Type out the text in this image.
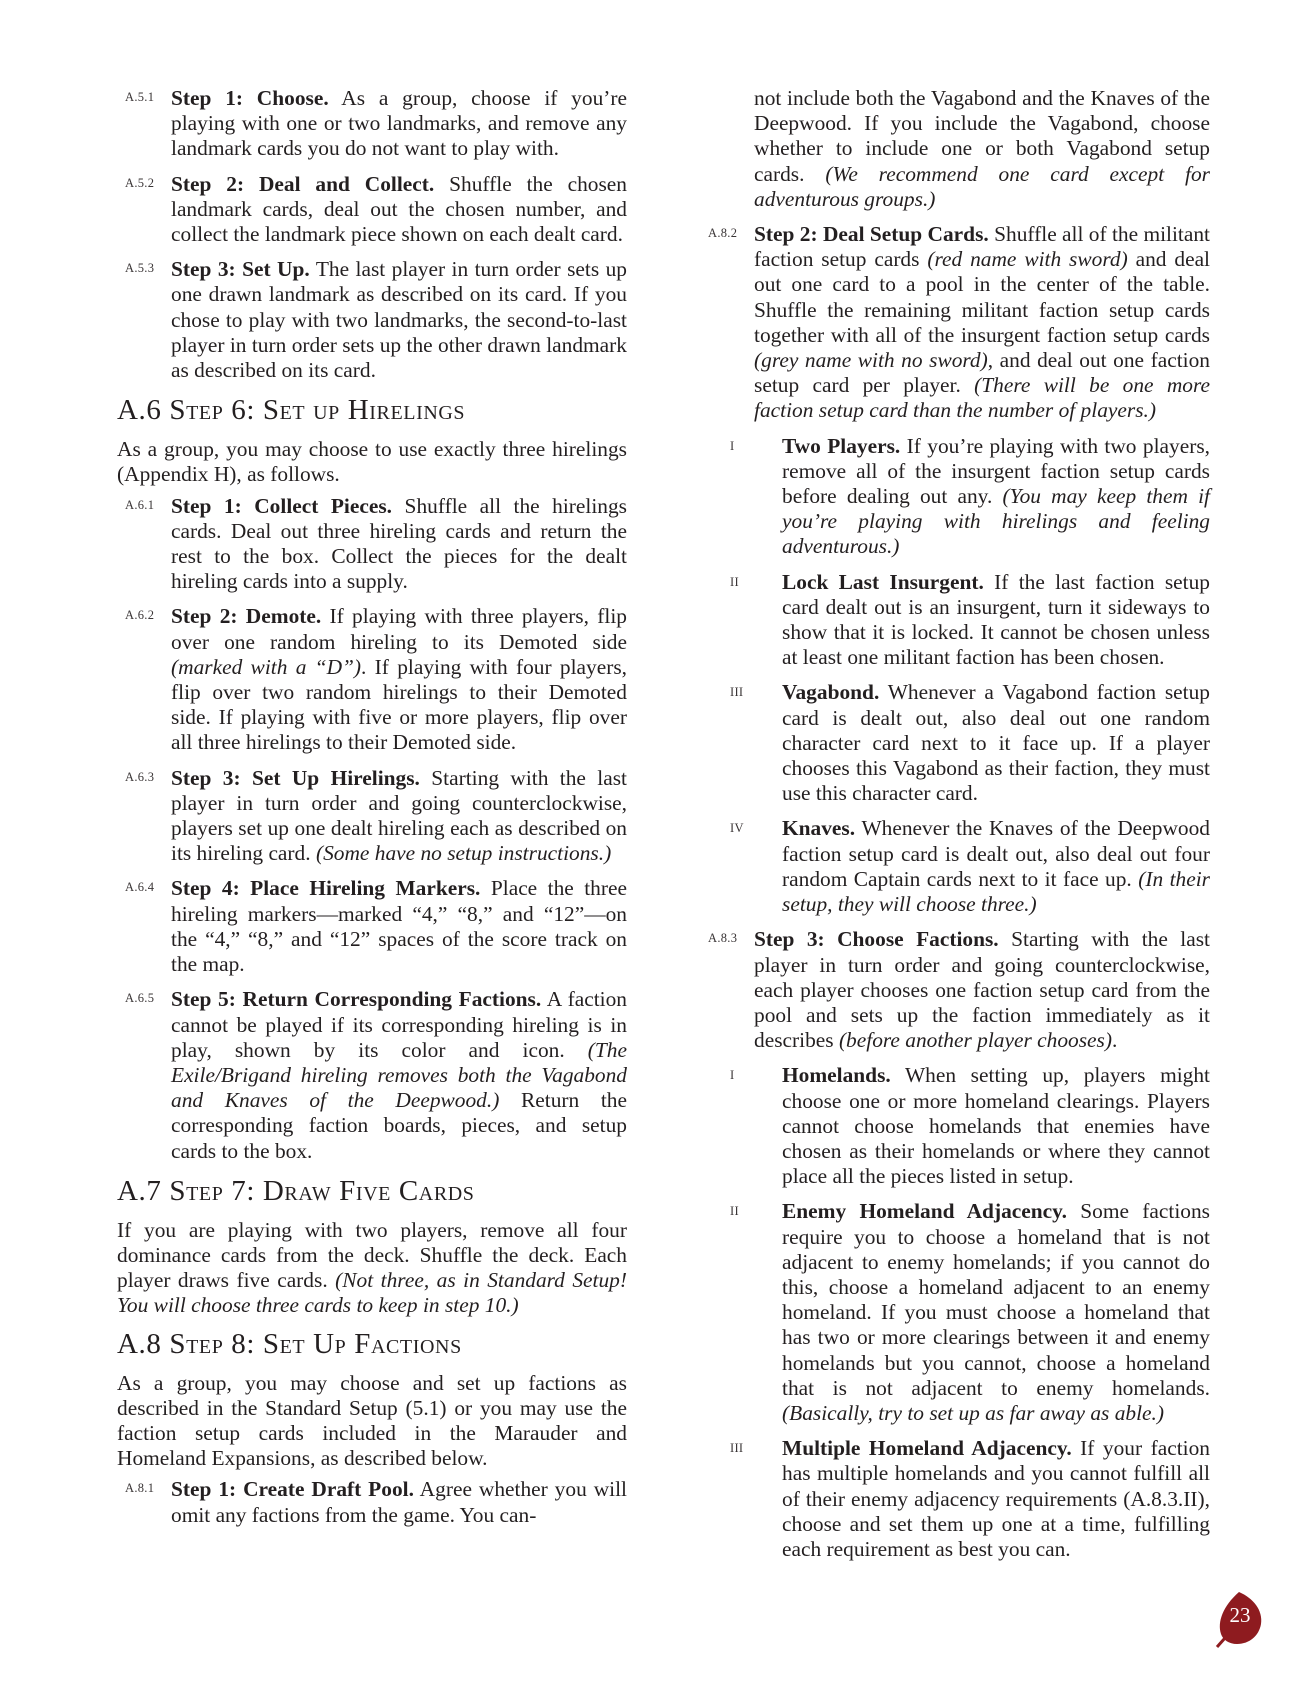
A.5.1 Step 1: Choose. As a group, choose if you’re playing with one or two landmarks, and remove any landmark cards you do not want to play with.
A.5.2 Step 2: Deal and Collect. Shuffle the chosen landmark cards, deal out the chosen number, and collect the landmark piece shown on each dealt card.
A.5.3 Step 3: Set Up. The last player in turn order sets up one drawn landmark as described on its card. If you chose to play with two landmarks, the second-to-last player in turn order sets up the other drawn landmark as described on its card.
A.6 Step 6: Set up Hirelings

As a group, you may choose to use exactly three hirelings (Appendix H), as follows.

A.6.1 Step 1: Collect Pieces. Shuffle all the hirelings cards. Deal out three hireling cards and return the rest to the box. Collect the pieces for the dealt hireling cards into a supply.
A.6.2 Step 2: Demote. If playing with three players, flip over one random hireling to its Demoted side (marked with a “D”). If playing with four players, flip over two random hirelings to their Demoted side. If playing with five or more players, flip over all three hirelings to their Demoted side.
A.6.3 Step 3: Set Up Hirelings. Starting with the last player in turn order and going counterclockwise, players set up one dealt hireling each as described on its hireling card. (Some have no setup instructions.)
A.6.4 Step 4: Place Hireling Markers. Place the three hireling markers—marked “4,” “8,” and “12”—on the “4,” “8,” and “12” spaces of the score track on the map.
A.6.5 Step 5: Return Corresponding Factions. A faction cannot be played if its corresponding hireling is in play, shown by its color and icon. (The Exile/Brigand hireling removes both the Vagabond and Knaves of the Deepwood.) Return the corresponding faction boards, pieces, and setup cards to the box.
A.7 Step 7: Draw Five Cards

If you are playing with two players, remove all four dominance cards from the deck. Shuffle the deck. Each player draws five cards. (Not three, as in Standard Setup! You will choose three cards to keep in step 10.)

A.8 Step 8: Set Up Factions

As a group, you may choose and set up factions as described in the Standard Setup (5.1) or you may use the faction setup cards included in the Marauder and Homeland Expansions, as described below.

A.8.1 Step 1: Create Draft Pool. Agree whether you will omit any factions from the game. You can-
not include both the Vagabond and the Knaves of the Deepwood. If you include the Vagabond, choose whether to include one or both Vagabond setup cards. (We recommend one card except for adventurous groups.)
A.8.2 Step 2: Deal Setup Cards. Shuffle all of the militant faction setup cards (red name with sword) and deal out one card to a pool in the center of the table. Shuffle the remaining militant faction setup cards together with all of the insurgent faction setup cards (grey name with no sword), and deal out one faction setup card per player. (There will be one more faction setup card than the number of players.)
I Two Players. If you’re playing with two players, remove all of the insurgent faction setup cards before dealing out any. (You may keep them if you’re playing with hirelings and feeling adventurous.)
II Lock Last Insurgent. If the last faction setup card dealt out is an insurgent, turn it sideways to show that it is locked. It cannot be chosen unless at least one militant faction has been chosen.
III Vagabond. Whenever a Vagabond faction setup card is dealt out, also deal out one random character card next to it face up. If a player chooses this Vagabond as their faction, they must use this character card.
IV Knaves. Whenever the Knaves of the Deepwood faction setup card is dealt out, also deal out four random Captain cards next to it face up. (In their setup, they will choose three.)
A.8.3 Step 3: Choose Factions. Starting with the last player in turn order and going counterclockwise, each player chooses one faction setup card from the pool and sets up the faction immediately as it describes (before another player chooses).
I Homelands. When setting up, players might choose one or more homeland clearings. Players cannot choose homelands that enemies have chosen as their homelands or where they cannot place all the pieces listed in setup.
II Enemy Homeland Adjacency. Some factions require you to choose a homeland that is not adjacent to enemy homelands; if you cannot do this, choose a homeland adjacent to an enemy homeland. If you must choose a homeland that has two or more clearings between it and enemy homelands but you cannot, choose a homeland that is not adjacent to enemy homelands. (Basically, try to set up as far away as able.)
III Multiple Homeland Adjacency. If your faction has multiple homelands and you cannot fulfill all of their enemy adjacency requirements (A.8.3.II), choose and set them up one at a time, fulfilling each requirement as best you can.
23
